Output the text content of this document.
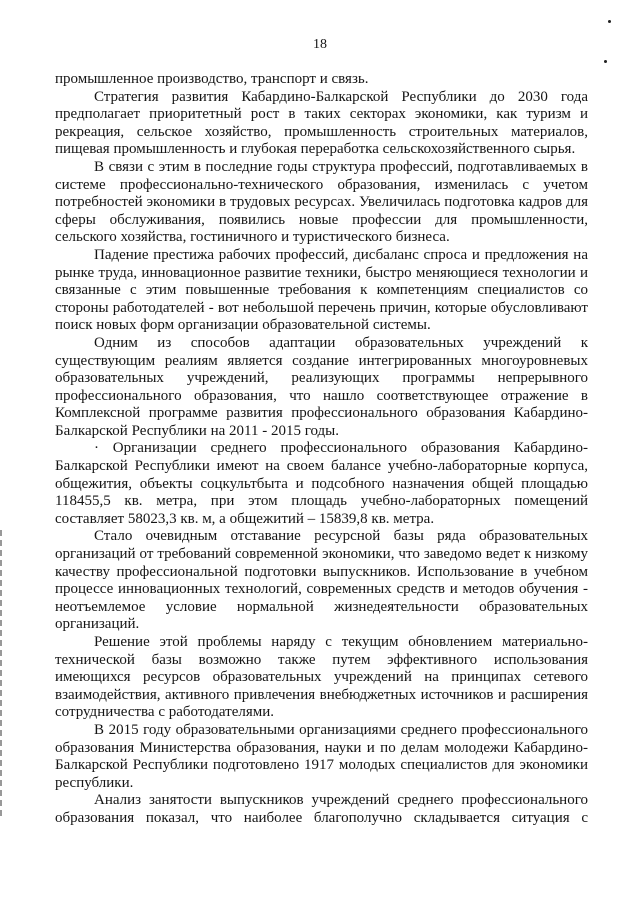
18

промышленное производство, транспорт и связь.

Стратегия развития Кабардино-Балкарской Республики до 2030 года предполагает приоритетный рост в таких секторах экономики, как туризм и рекреация, сельское хозяйство, промышленность строительных материалов, пищевая промышленность и глубокая переработка сельскохозяйственного сырья.

В связи с этим в последние годы структура профессий, подготавливаемых в системе профессионально-технического образования, изменилась с учетом потребностей экономики в трудовых ресурсах. Увеличилась подготовка кадров для сферы обслуживания, появились новые профессии для промышленности, сельского хозяйства, гостиничного и туристического бизнеса.

Падение престижа рабочих профессий, дисбаланс спроса и предложения на рынке труда, инновационное развитие техники, быстро меняющиеся технологии и связанные с этим повышенные требования к компетенциям специалистов со стороны работодателей - вот небольшой перечень причин, которые обусловливают поиск новых форм организации образовательной системы.

Одним из способов адаптации образовательных учреждений к существующим реалиям является создание интегрированных многоуровневых образовательных учреждений, реализующих программы непрерывного профессионального образования, что нашло соответствующее отражение в Комплексной программе развития профессионального образования Кабардино-Балкарской Республики на 2011 - 2015 годы.

· Организации среднего профессионального образования Кабардино-Балкарской Республики имеют на своем балансе учебно-лабораторные корпуса, общежития, объекты соцкультбыта и подсобного назначения общей площадью 118455,5 кв. метра, при этом площадь учебно-лабораторных помещений составляет 58023,3 кв. м, а общежитий – 15839,8 кв. метра.

Стало очевидным отставание ресурсной базы ряда образовательных организаций от требований современной экономики, что заведомо ведет к низкому качеству профессиональной подготовки выпускников. Использование в учебном процессе инновационных технологий, современных средств и методов обучения - неотъемлемое условие нормальной жизнедеятельности образовательных организаций.

Решение этой проблемы наряду с текущим обновлением материально-технической базы возможно также путем эффективного использования имеющихся ресурсов образовательных учреждений на принципах сетевого взаимодействия, активного привлечения внебюджетных источников и расширения сотрудничества с работодателями.

В 2015 году образовательными организациями среднего профессионального образования Министерства образования, науки и по делам молодежи Кабардино-Балкарской Республики подготовлено 1917 молодых специалистов для экономики республики.

Анализ занятости выпускников учреждений среднего профессионального образования показал, что наиболее благополучно складывается ситуация с
